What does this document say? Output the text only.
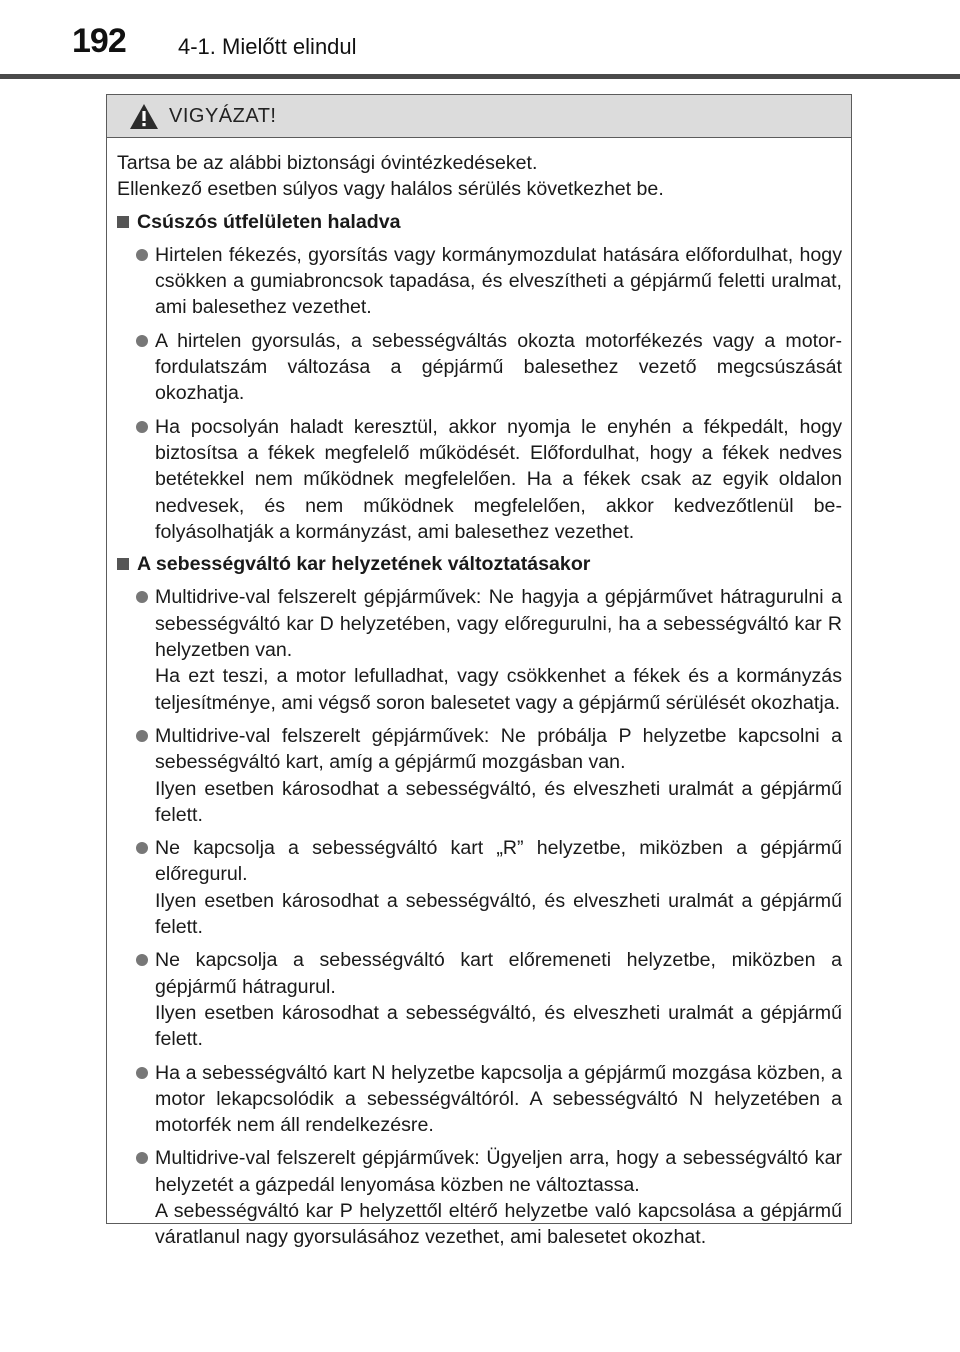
192 4-1. Mielőtt elindul
VIGYÁZAT!

Tartsa be az alábbi biztonsági óvintézkedéseket.

Ellenkező esetben súlyos vagy halálos sérülés következhet be.

Csúszós útfelületen haladva

Hirtelen fékezés, gyorsítás vagy kormánymozdulat hatására előfordulhat, hogy csökken a gumiabroncsok tapadása, és elveszítheti a gépjármű feletti uralmat, ami balesethez vezethet.

A hirtelen gyorsulás, a sebességváltás okozta motorfékezés vagy a motorfordulatszám változása a gépjármű balesethez vezető megcsúszását okozhatja.

Ha pocsolyán haladt keresztül, akkor nyomja le enyhén a fékpedált, hogy biztosítsa a fékek megfelelő működését. Előfordulhat, hogy a fékek nedves betétekkel nem működnek megfelelően. Ha a fékek csak az egyik oldalon nedvesek, és nem működnek megfelelően, akkor kedvezőtlenül befolyásolhatják a kormányzást, ami balesethez vezethet.

A sebességváltó kar helyzetének változtatásakor

Multidrive-val felszerelt gépjárművek: Ne hagyja a gépjárművet hátragurulni a sebességváltó kar D helyzetében, vagy előregurulni, ha a sebességváltó kar R helyzetben van.

Ha ezt teszi, a motor lefulladhat, vagy csökkenhet a fékek és a kormányzás teljesítménye, ami végső soron balesetet vagy a gépjármű sérülését okozhatja.

Multidrive-val felszerelt gépjárművek: Ne próbálja P helyzetbe kapcsolni a sebességváltó kart, amíg a gépjármű mozgásban van.

Ilyen esetben károsodhat a sebességváltó, és elveszheti uralmát a gépjármű felett.

Ne kapcsolja a sebességváltó kart „R” helyzetbe, miközben a gépjármű előregurul.

Ilyen esetben károsodhat a sebességváltó, és elveszheti uralmát a gépjármű felett.

Ne kapcsolja a sebességváltó kart előremeneti helyzetbe, miközben a gépjármű hátragurul.

Ilyen esetben károsodhat a sebességváltó, és elveszheti uralmát a gépjármű felett.

Ha a sebességváltó kart N helyzetbe kapcsolja a gépjármű mozgása közben, a motor lekapcsolódik a sebességváltóról. A sebességváltó N helyzetében a motorfék nem áll rendelkezésre.

Multidrive-val felszerelt gépjárművek: Ügyeljen arra, hogy a sebességváltó kar helyzetét a gázpedál lenyomása közben ne változtassa.

A sebességváltó kar P helyzettől eltérő helyzetbe való kapcsolása a gépjármű váratlanul nagy gyorsulásához vezethet, ami balesetet okozhat.
